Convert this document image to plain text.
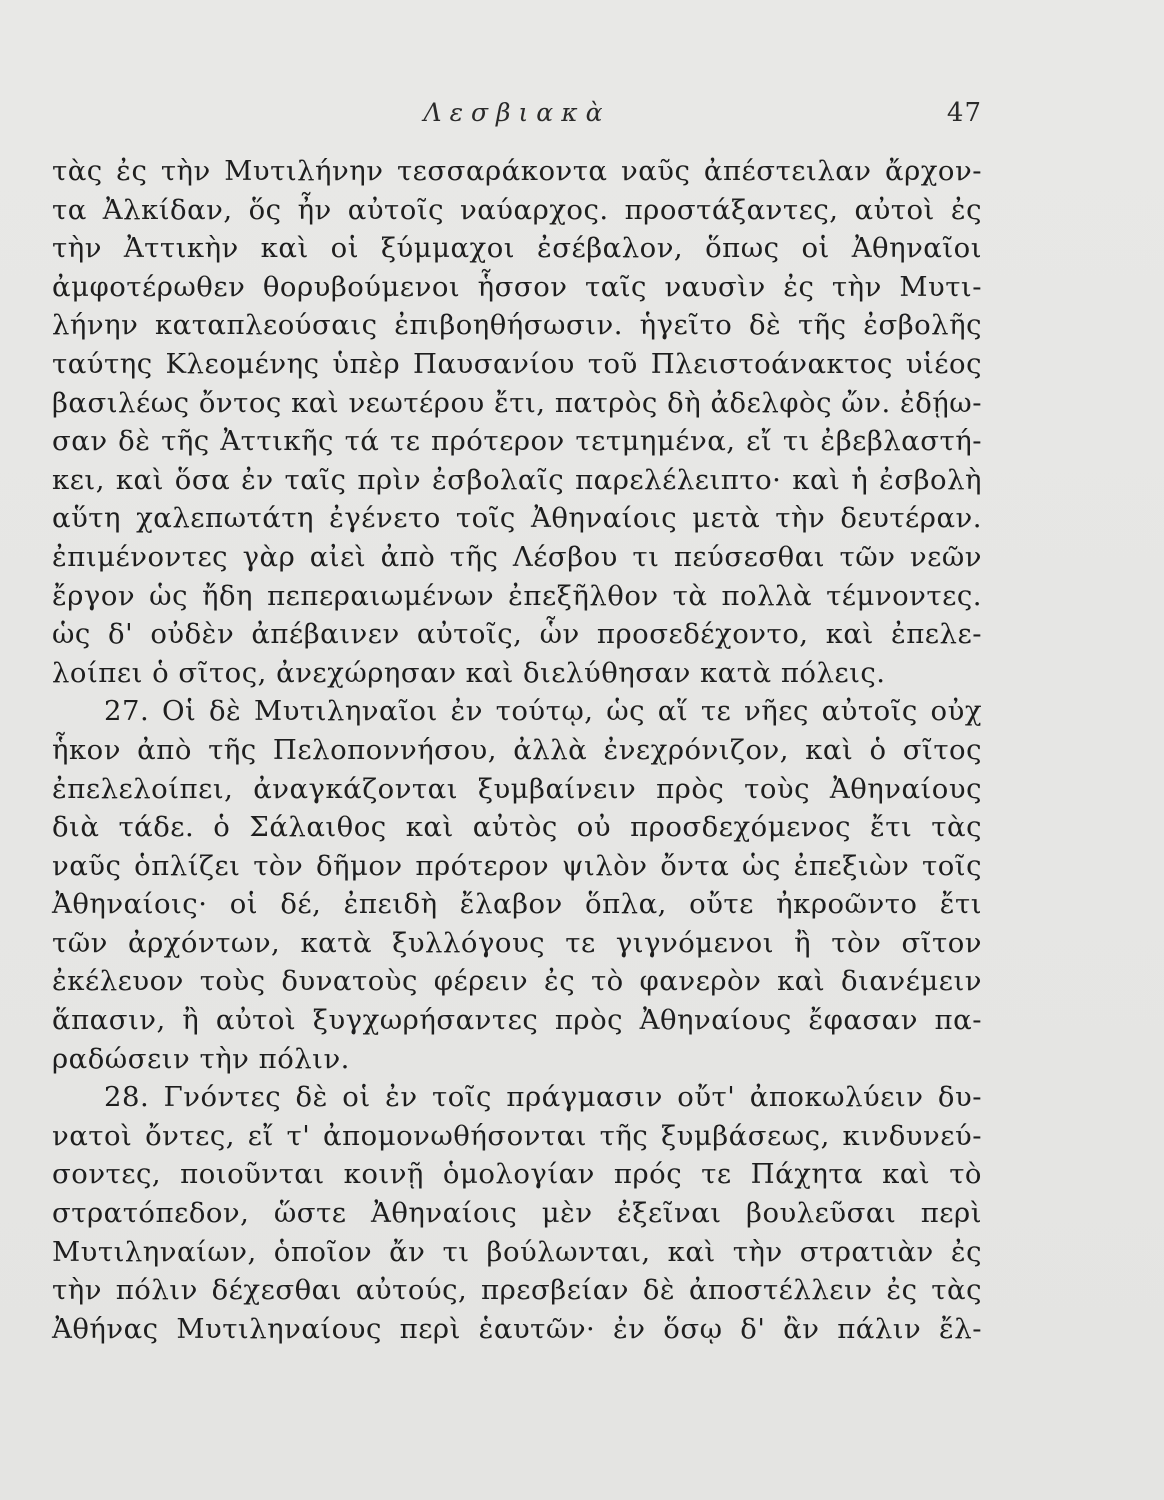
Λεσβιακὰ	47
τὰς ἐς τὴν Μυτιλήνην τεσσαράκοντα ναῦς ἀπέστειλαν ἄρχον-
τα Ἀλκίδαν, ὅς ἦν αὐτοῖς ναύαρχος. προστάξαντες, αὐτοὶ ἐς
τὴν Ἀττικὴν καὶ οἱ ξύμμαχοι ἐσέβαλον, ὅπως οἱ Ἀθηναῖοι
ἀμφοτέρωθεν θορυβούμενοι ἧσσον ταῖς ναυσὶν ἐς τὴν Μυτι-
λήνην καταπλεούσαις ἐπιβοηθήσωσιν. ἡγεῖτο δὲ τῆς ἐσβολῆς
ταύτης Κλεομένης ὑπὲρ Παυσανίου τοῦ Πλειστοάνακτος υἱέος
βασιλέως ὄντος καὶ νεωτέρου ἔτι, πατρὸς δὴ ἀδελφὸς ὤν. ἐδῄω-
σαν δὲ τῆς Ἀττικῆς τά τε πρότερον τετμημένα, εἴ τι ἐβεβλαστή-
κει, καὶ ὅσα ἐν ταῖς πρὶν ἐσβολαῖς παρελέλειπτο· καὶ ἡ ἐσβολὴ
αὕτη χαλεπωτάτη ἐγένετο τοῖς Ἀθηναίοις μετὰ τὴν δευτέραν.
ἐπιμένοντες γὰρ αἰεὶ ἀπὸ τῆς Λέσβου τι πεύσεσθαι τῶν νεῶν
ἔργον ὡς ἤδη πεπεραιωμένων ἐπεξῆλθον τὰ πολλὰ τέμνοντες.
ὡς δ' οὐδὲν ἀπέβαινεν αὐτοῖς, ὧν προσεδέχοντο, καὶ ἐπελε-
λοίπει ὁ σῖτος, ἀνεχώρησαν καὶ διελύθησαν κατὰ πόλεις.
27. Οἱ δὲ Μυτιληναῖοι ἐν τούτῳ, ὡς αἵ τε νῆες αὐτοῖς οὐχ
ἧκον ἀπὸ τῆς Πελοποννήσου, ἀλλὰ ἐνεχρόνιζον, καὶ ὁ σῖτος
ἐπελελοίπει, ἀναγκάζονται ξυμβαίνειν πρὸς τοὺς Ἀθηναίους
διὰ τάδε. ὁ Σάλαιθος καὶ αὐτὸς οὐ προσδεχόμενος ἔτι τὰς
ναῦς ὁπλίζει τὸν δῆμον πρότερον ψιλὸν ὄντα ὡς ἐπεξιὼν τοῖς
Ἀθηναίοις· οἱ δέ, ἐπειδὴ ἔλαβον ὅπλα, οὔτε ἠκροῶντο ἔτι
τῶν ἀρχόντων, κατὰ ξυλλόγους τε γιγνόμενοι ἢ τὸν σῖτον
ἐκέλευον τοὺς δυνατοὺς φέρειν ἐς τὸ φανερὸν καὶ διανέμειν
ἅπασιν, ἢ αὐτοὶ ξυγχωρήσαντες πρὸς Ἀθηναίους ἔφασαν πα-
ραδώσειν τὴν πόλιν.
28. Γνόντες δὲ οἱ ἐν τοῖς πράγμασιν οὔτ' ἀποκωλύειν δυ-
νατοὶ ὄντες, εἴ τ' ἀπομονωθήσονται τῆς ξυμβάσεως, κινδυνεύ-
σοντες, ποιοῦνται κοινῇ ὁμολογίαν πρός τε Πάχητα καὶ τὸ
στρατόπεδον, ὥστε Ἀθηναίοις μὲν ἐξεῖναι βουλεῦσαι περὶ
Μυτιληναίων, ὁποῖον ἄν τι βούλωνται, καὶ τὴν στρατιὰν ἐς
τὴν πόλιν δέχεσθαι αὐτούς, πρεσβείαν δὲ ἀποστέλλειν ἐς τὰς
Ἀθήνας Μυτιληναίους περὶ ἑαυτῶν· ἐν ὅσῳ δ' ἂν πάλιν ἔλ-
